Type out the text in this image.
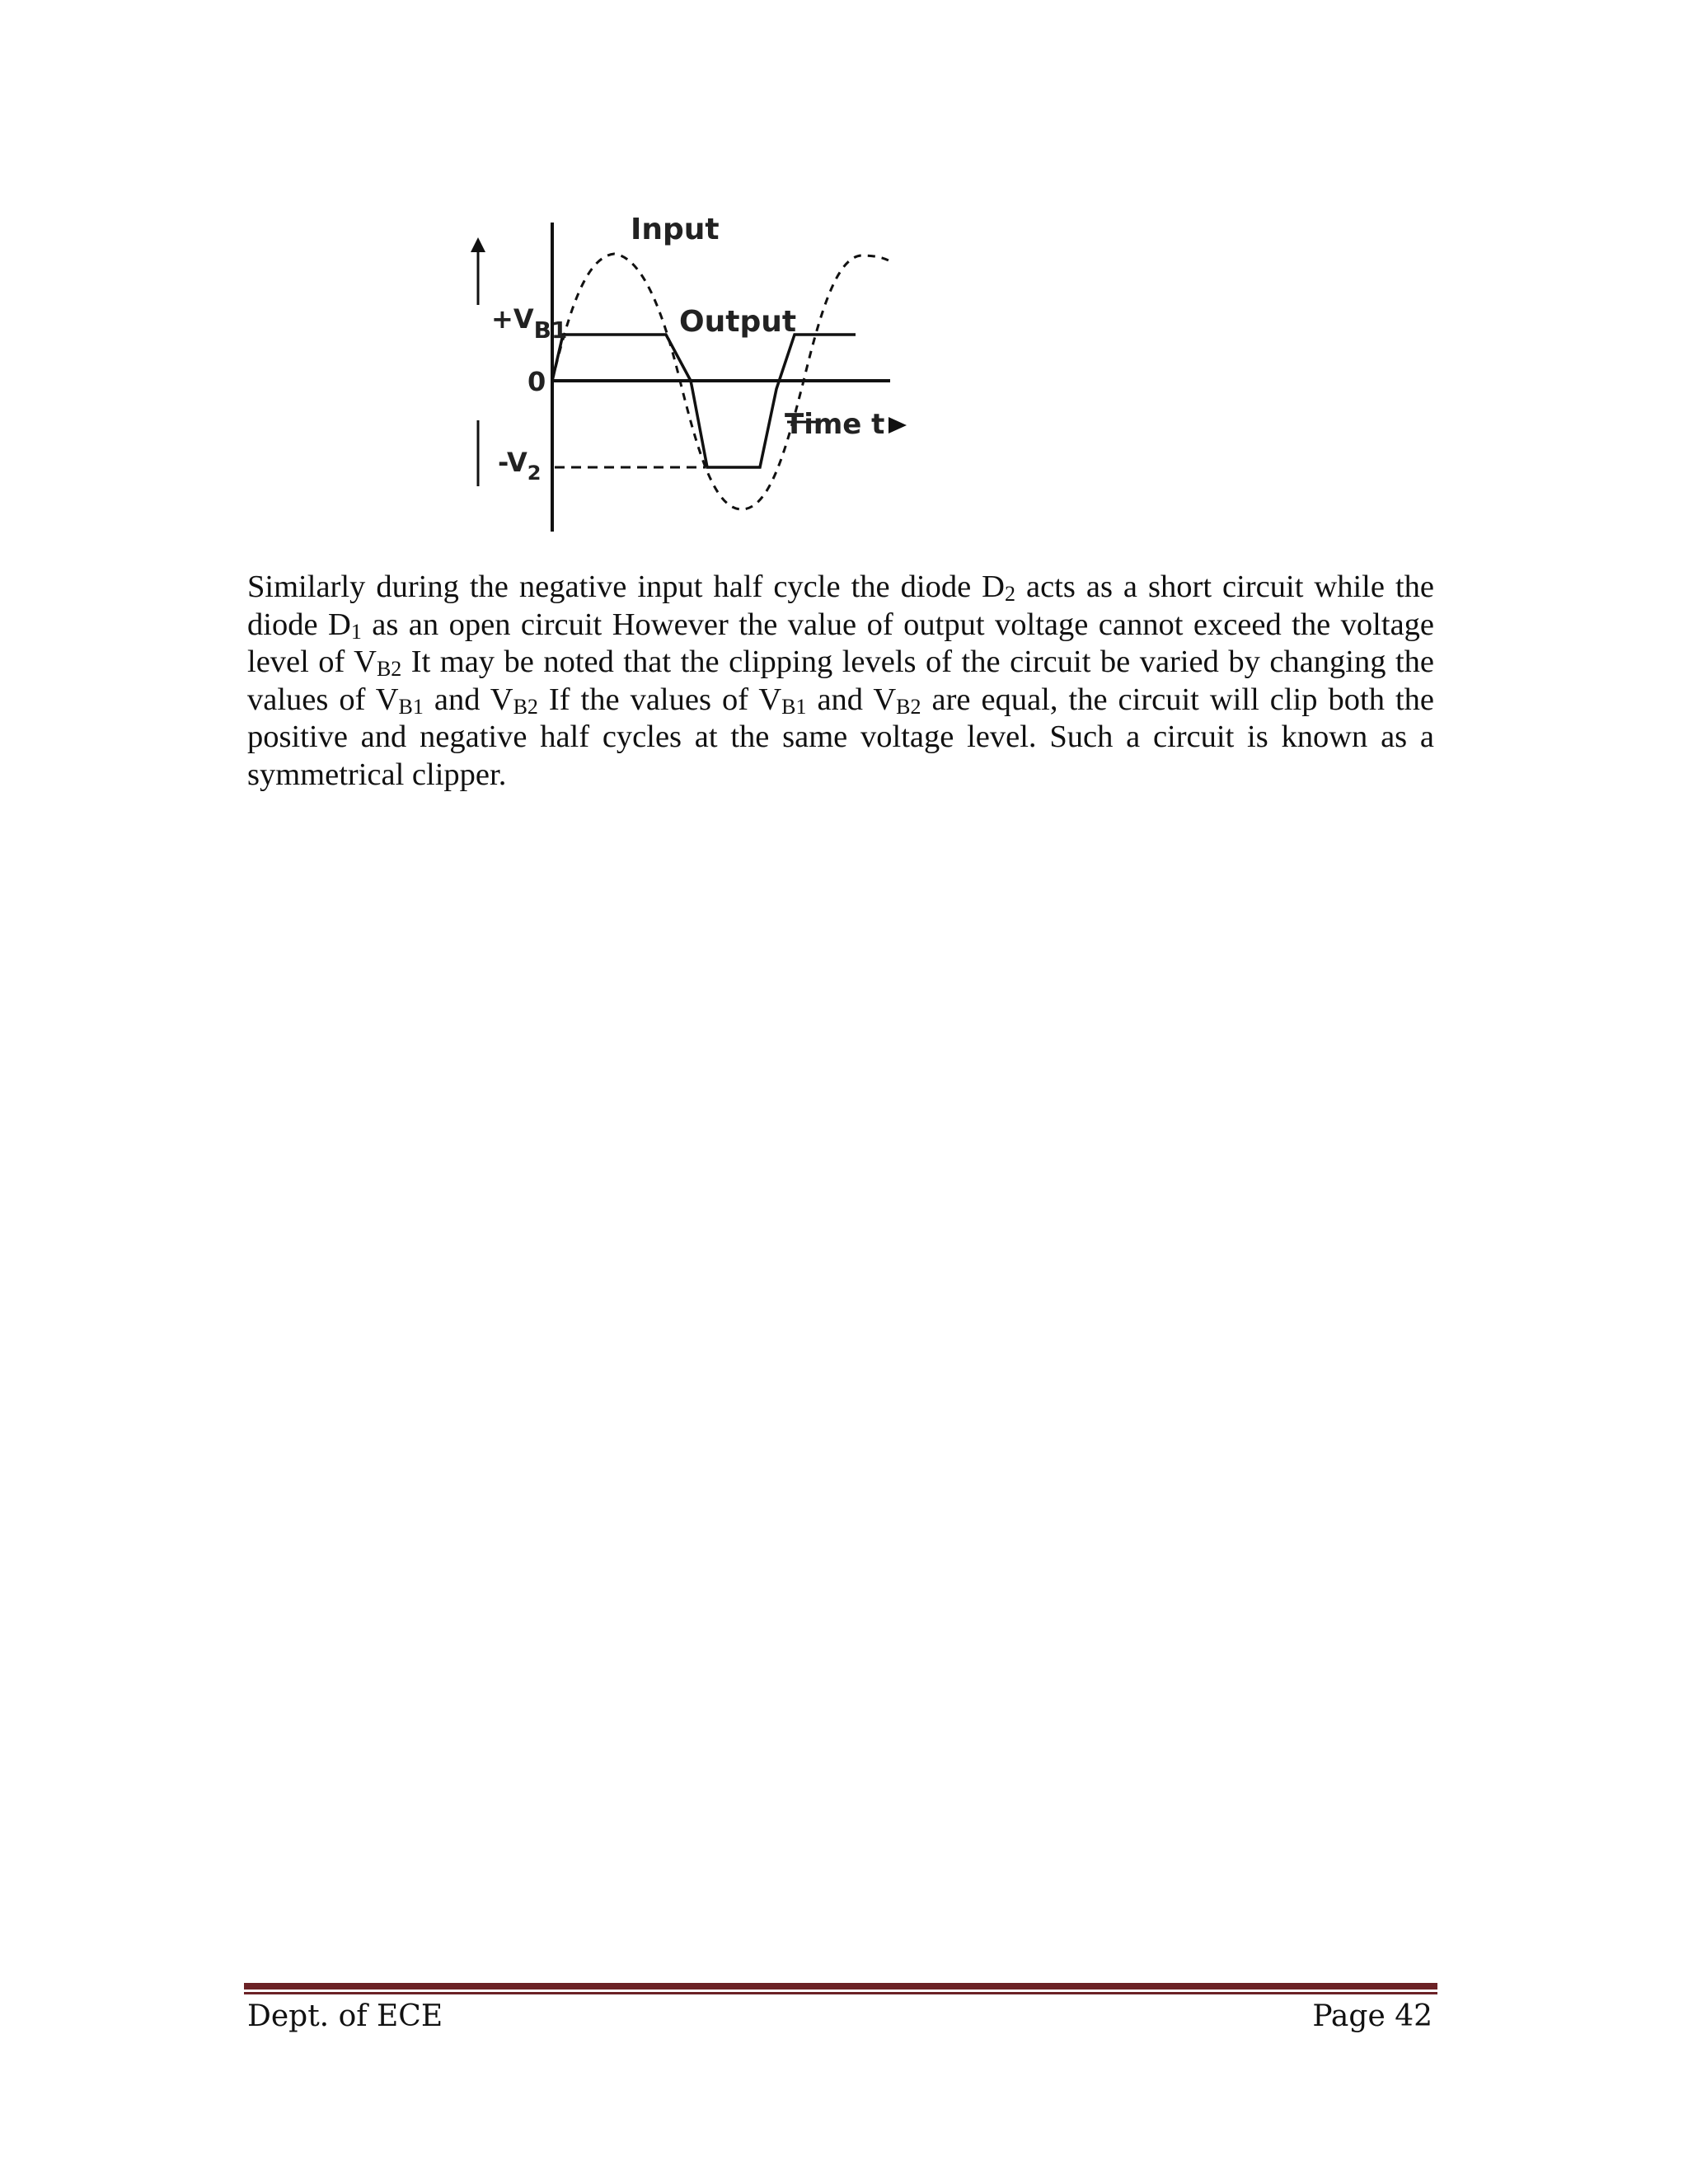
Input
Output
Time t
+VB1
0
$-V_2$

Similarly during the negative input half cycle the diode $D_2$ acts as a short circuit while the diode $D_1$ as an open circuit However the value of output voltage cannot exceed the voltage level of $V_{B2}$ It may be noted that the clipping levels of the circuit be varied by changing the values of $V_{B1}$ and $V_{B2}$ If the values of $V_{B1}$ and $V_{B2}$ are equal, the circuit will clip both the positive and negative half cycles at the same voltage level. Such a circuit is known as a symmetrical clipper.

Dept. of ECE	Page 42
